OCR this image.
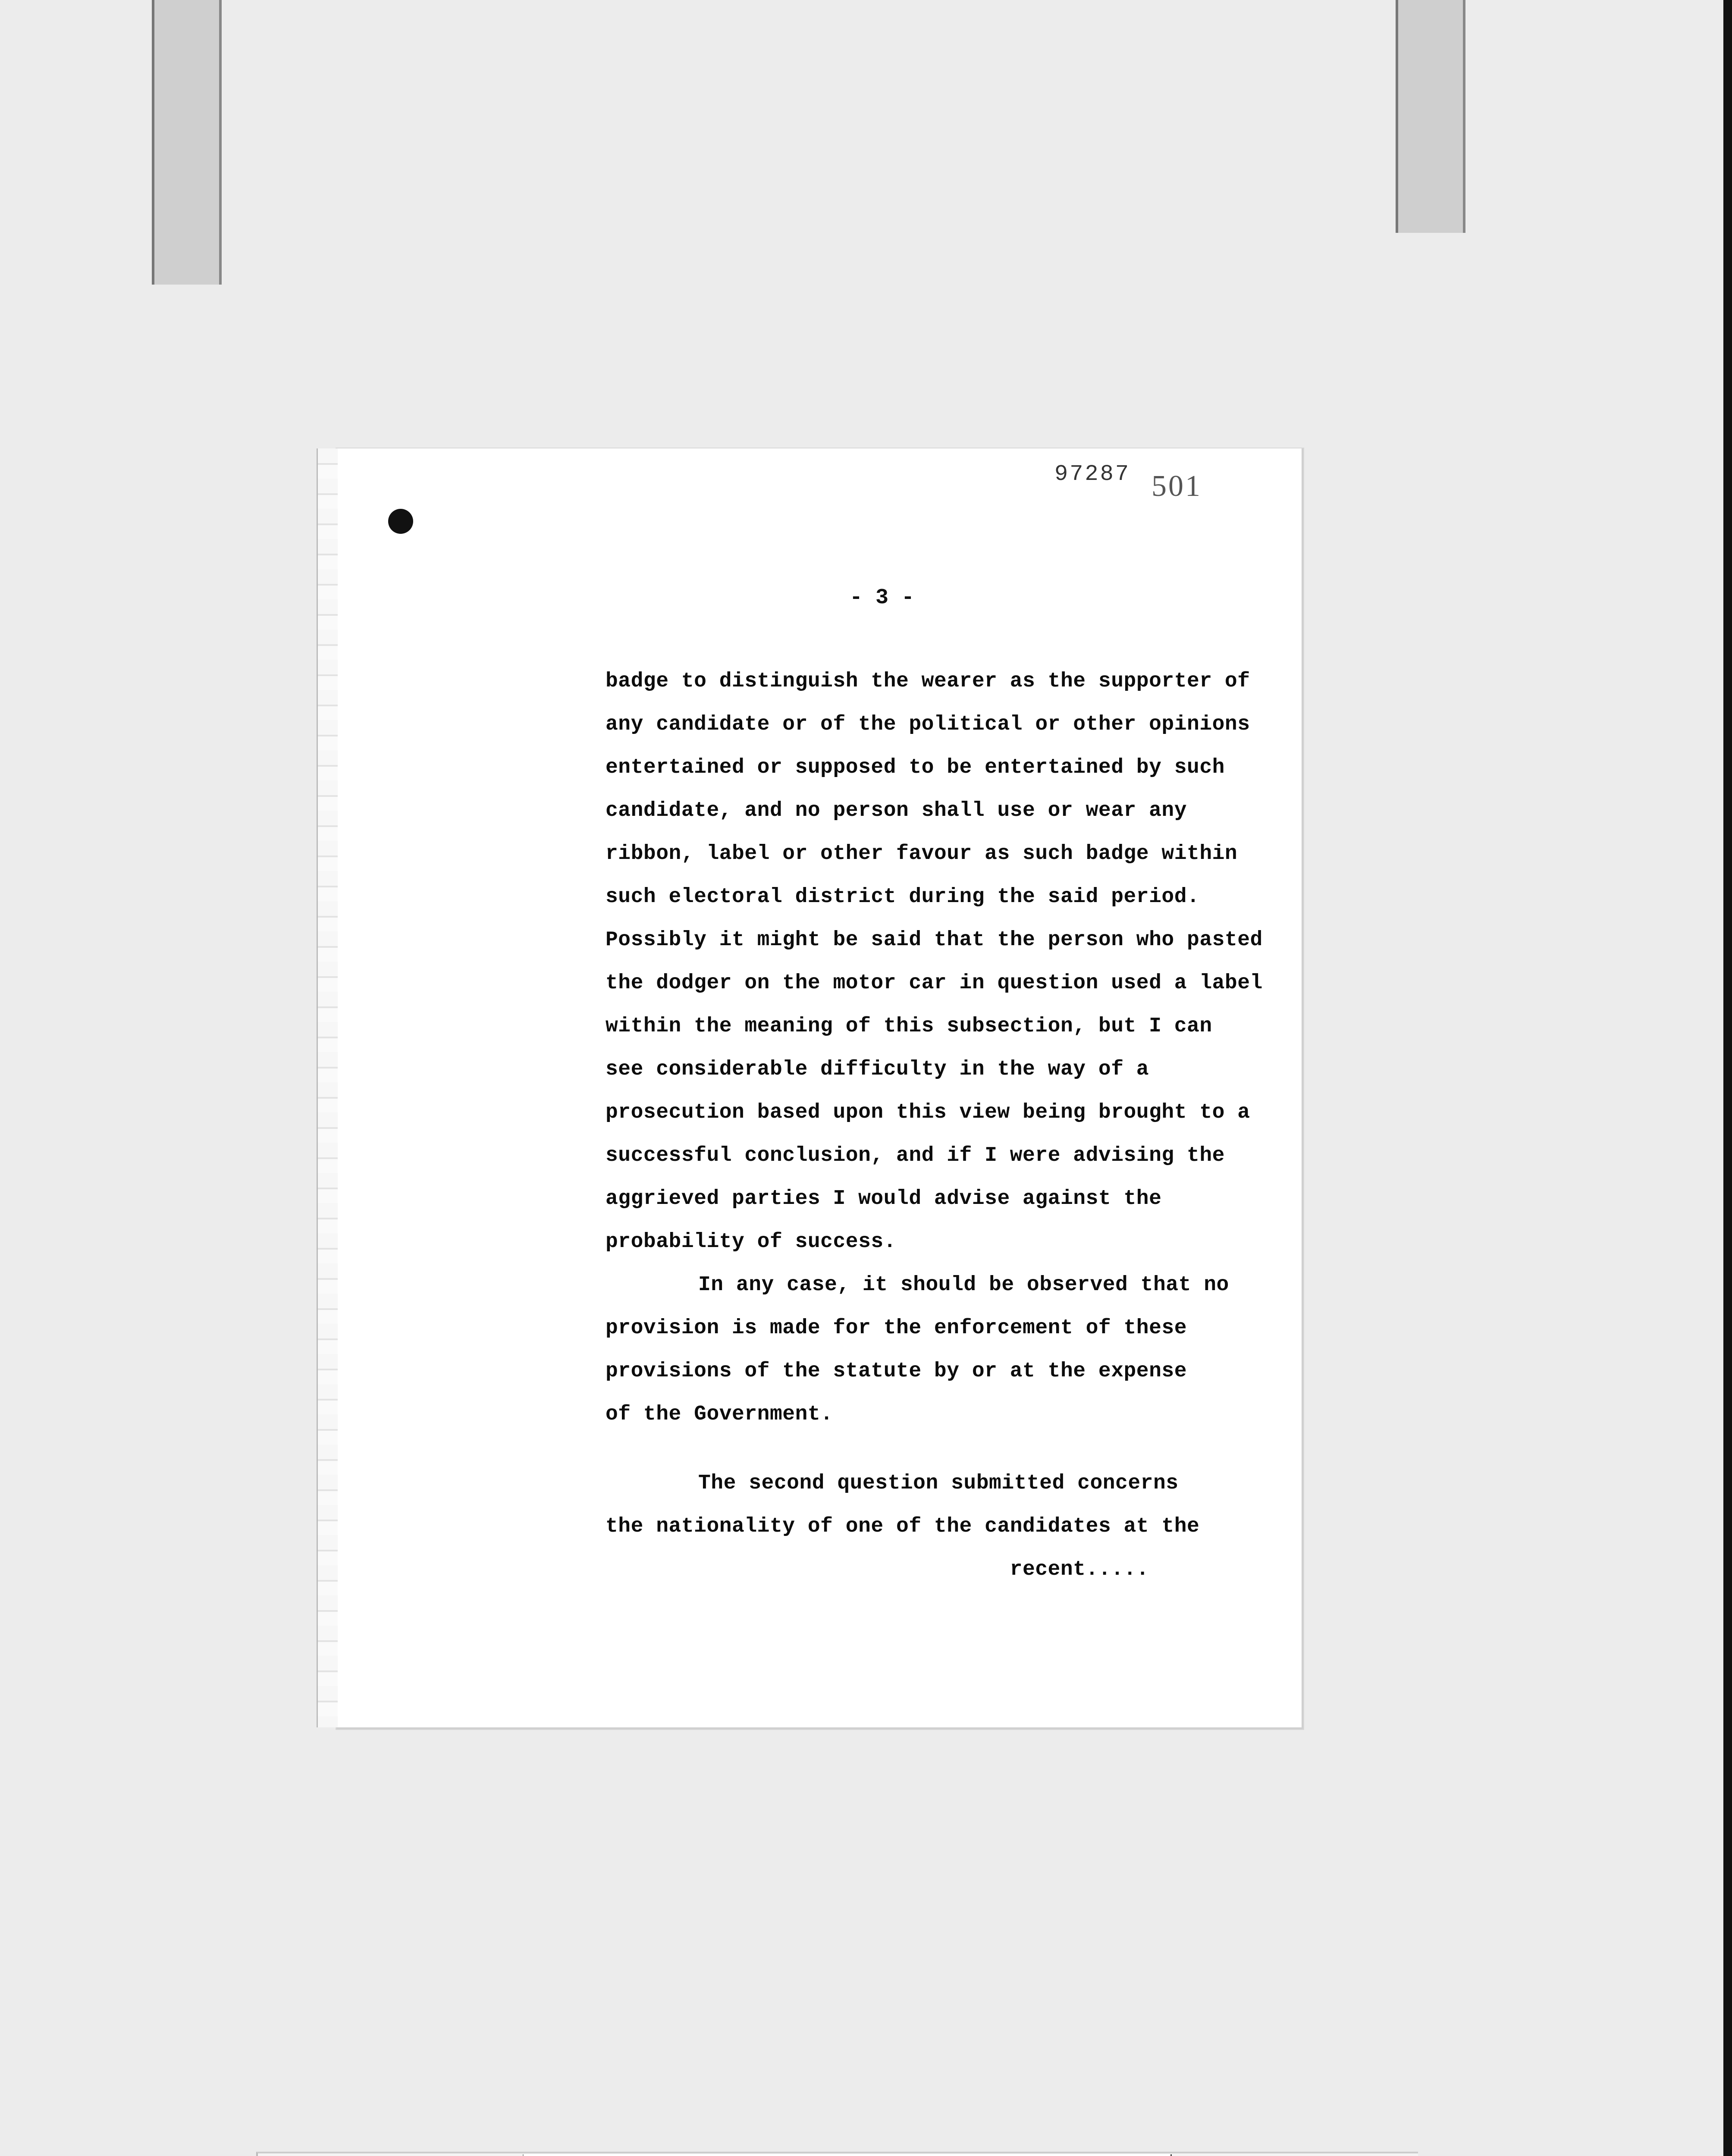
97287 501
- 3 -
badge to distinguish the wearer as the supporter of
any candidate or of the political or other opinions
entertained or supposed to be entertained by such
candidate, and no person shall use or wear any
ribbon, label or other favour as such badge within
such electoral district during the said period.
Possibly it might be said that the person who pasted
the dodger on the motor car in question used a label
within the meaning of this subsection, but I can
see considerable difficulty in the way of a
prosecution based upon this view being brought to a
successful conclusion, and if I were advising the
aggrieved parties I would advise against the
probability of success.
In any case, it should be observed that no
provision is made for the enforcement of these
provisions of the statute by or at the expense
of the Government.
The second question submitted concerns
the nationality of one of the candidates at the
recent.....
